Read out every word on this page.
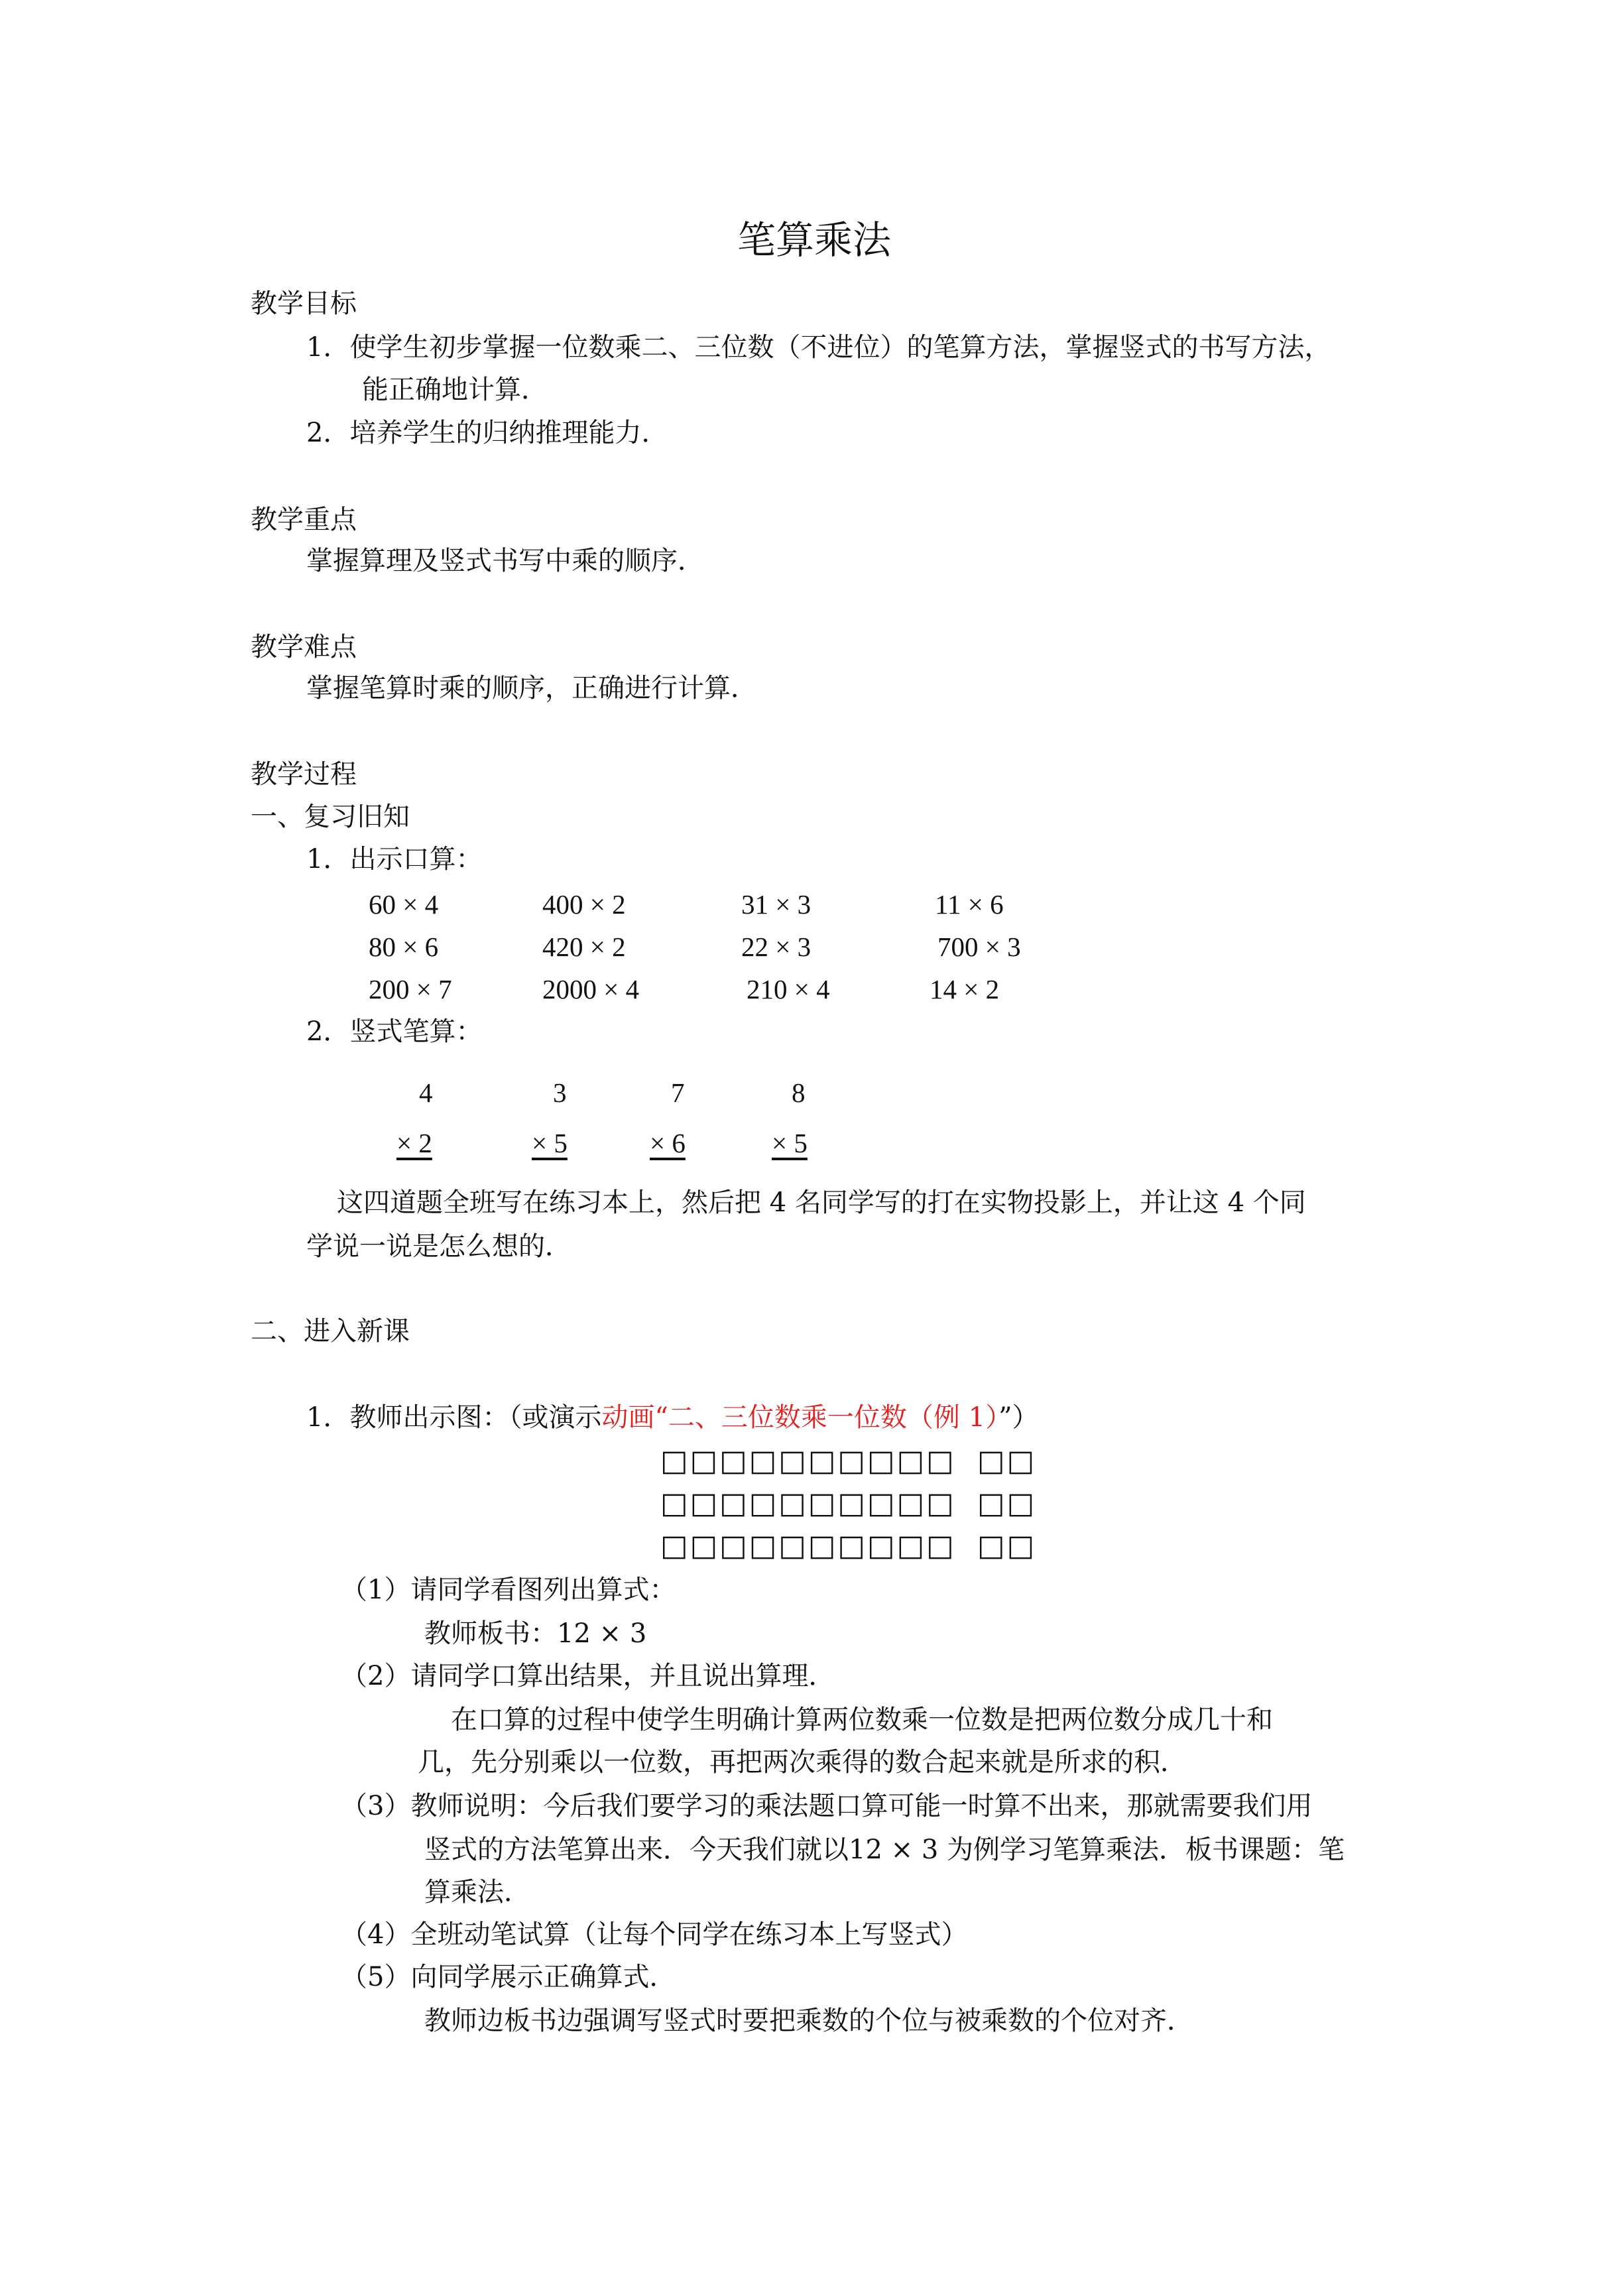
笔算乘法
教学目标
1．使学生初步掌握一位数乘二、三位数（不进位）的笔算方法，掌握竖式的书写方法，
能正确地计算．
2．培养学生的归纳推理能力．
教学重点
掌握算理及竖式书写中乘的顺序．
教学难点
掌握笔算时乘的顺序，正确进行计算．
教学过程
一、复习旧知
1．出示口算：
60 × 4	400 × 2	31 × 3	11 × 6
80 × 6	420 × 2	22 × 3	700 × 3
200 × 7	2000 × 4	210 × 4	14 × 2
2．竖式笔算：
4	3	7	8
× 2	× 5	× 6	× 5
这四道题全班写在练习本上，然后把 4 名同学写的打在实物投影上，并让这 4 个同
学说一说是怎么想的．
二、进入新课
1．教师出示图：（或演示动画“二、三位数乘一位数（例 1）”）
□□□□□□□□□□ □□
□□□□□□□□□□ □□
□□□□□□□□□□ □□
（1）请同学看图列出算式：
教师板书：12 × 3
（2）请同学口算出结果，并且说出算理．
在口算的过程中使学生明确计算两位数乘一位数是把两位数分成几十和
几，先分别乘以一位数，再把两次乘得的数合起来就是所求的积．
（3）教师说明：今后我们要学习的乘法题口算可能一时算不出来，那就需要我们用
竖式的方法笔算出来．今天我们就以12 × 3 为例学习笔算乘法．板书课题：笔
算乘法．
（4）全班动笔试算（让每个同学在练习本上写竖式）
（5）向同学展示正确算式．
教师边板书边强调写竖式时要把乘数的个位与被乘数的个位对齐．
